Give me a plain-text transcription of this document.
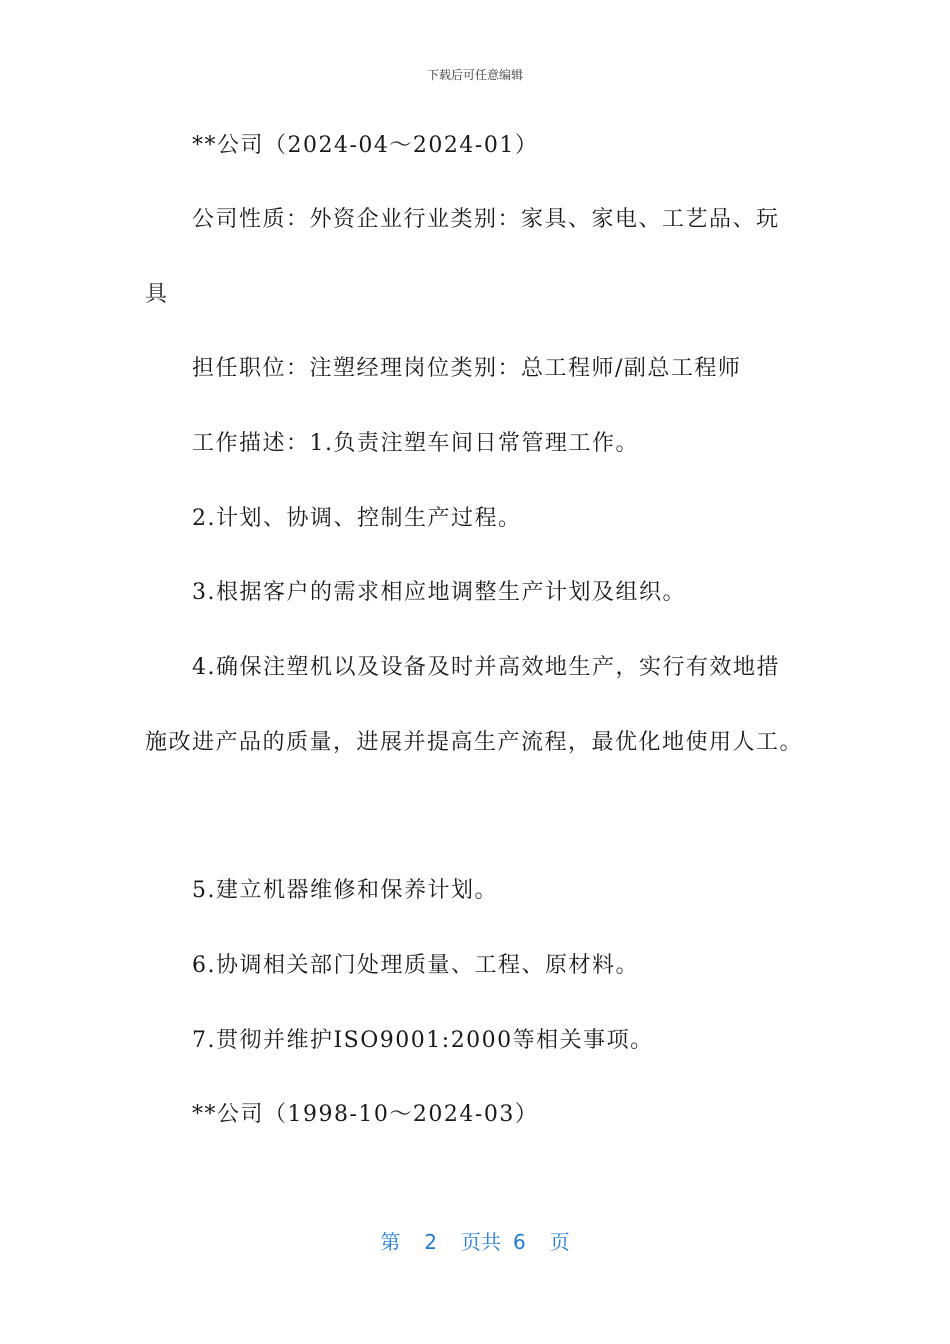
下载后可任意编辑
**公司（2024-04～2024-01）
公司性质：外资企业行业类别：家具、家电、工艺品、玩
具
担任职位：注塑经理岗位类别：总工程师/副总工程师
工作描述：1.负责注塑车间日常管理工作。
2.计划、协调、控制生产过程。
3.根据客户的需求相应地调整生产计划及组织。
4.确保注塑机以及设备及时并高效地生产，实行有效地措
施改进产品的质量，进展并提高生产流程，最优化地使用人工。
5.建立机器维修和保养计划。
6.协调相关部门处理质量、工程、原材料。
7.贯彻并维护ISO9001:2000等相关事项。
**公司（1998-10～2024-03）
第 2 页共 6 页
